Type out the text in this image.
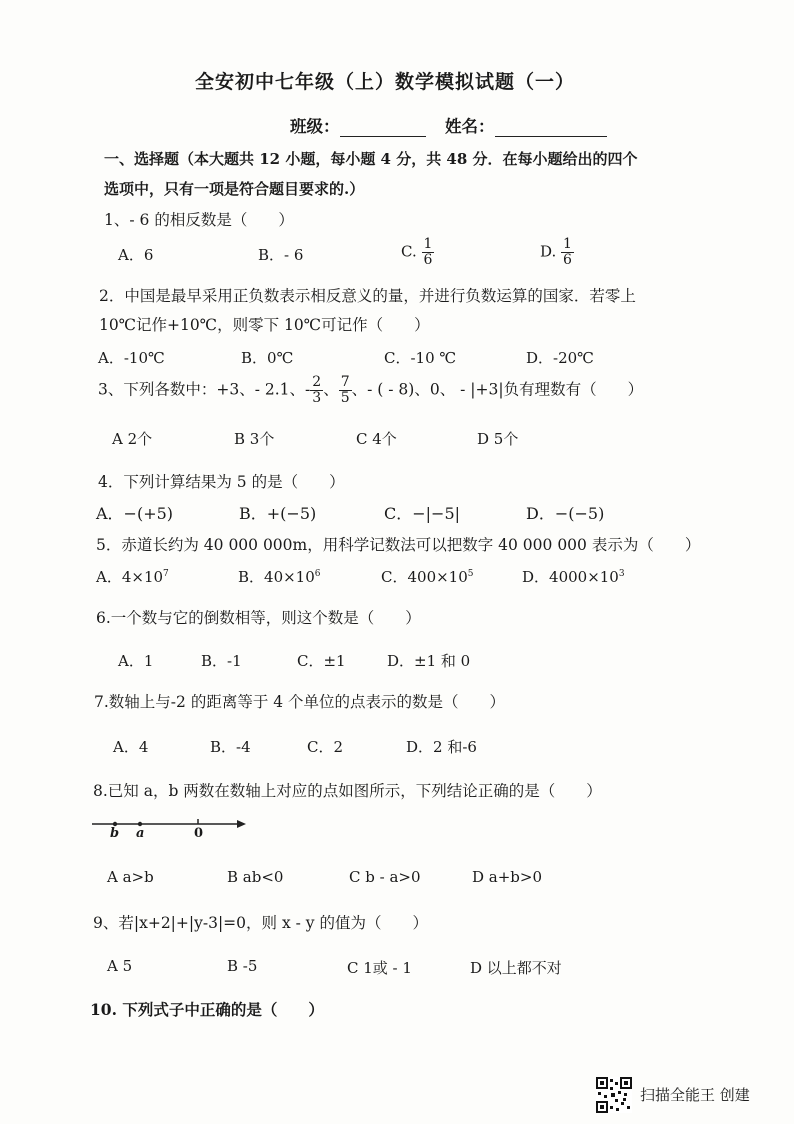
全安初中七年级（上）数学模拟试题（一）
班级：	姓名：
一、选择题（本大题共 12 小题，每小题 4 分，共 48 分．在每小题给出的四个
选项中，只有一项是符合题目要求的.）
1、- 6 的相反数是（　　）
A．6	B．- 6	C. $\frac{1}{6}$	D. $\frac{1}{6}$
2．中国是最早采用正负数表示相反意义的量，并进行负数运算的国家．若零上
10℃记作+10℃，则零下 10℃可记作（　　）
A．-10℃	B．0℃	C．-10 ℃	D．-20℃
3、下列各数中：+3、- 2.1、- $\frac{2}{3}$ 、 $\frac{7}{5}$ 、- ( - 8)、0、 - |+3|负有理数有（　　）
A 2个	B 3个	C 4个	D 5个
4．下列计算结果为 5 的是（　　）
A．−(+5)	B．+(−5)	C．−|−5|	D．−(−5)
5．赤道长约为 40 000 000m，用科学记数法可以把数字 40 000 000 表示为（　　）
A．$4\times 10^7$	B．$40\times 10^6$	C．$400\times 10^5$	D．$4000\times 10^3$
6.一个数与它的倒数相等，则这个数是（　　）
A．1	B．-1	C．±1	D．±1 和 0
7.数轴上与-2 的距离等于 4 个单位的点表示的数是（　　）
A．4	B．-4	C．2	D．2 和-6
8.已知 a，b 两数在数轴上对应的点如图所示，下列结论正确的是（　　）
b a	0
A a>b	B ab<0	C b - a>0	D a+b>0
9、若|x+2|+|y-3|=0，则 x - y 的值为（　　）
A 5	B -5	C 1或 - 1	D 以上都不对
10. 下列式子中正确的是（　　）
扫描全能王 创建
